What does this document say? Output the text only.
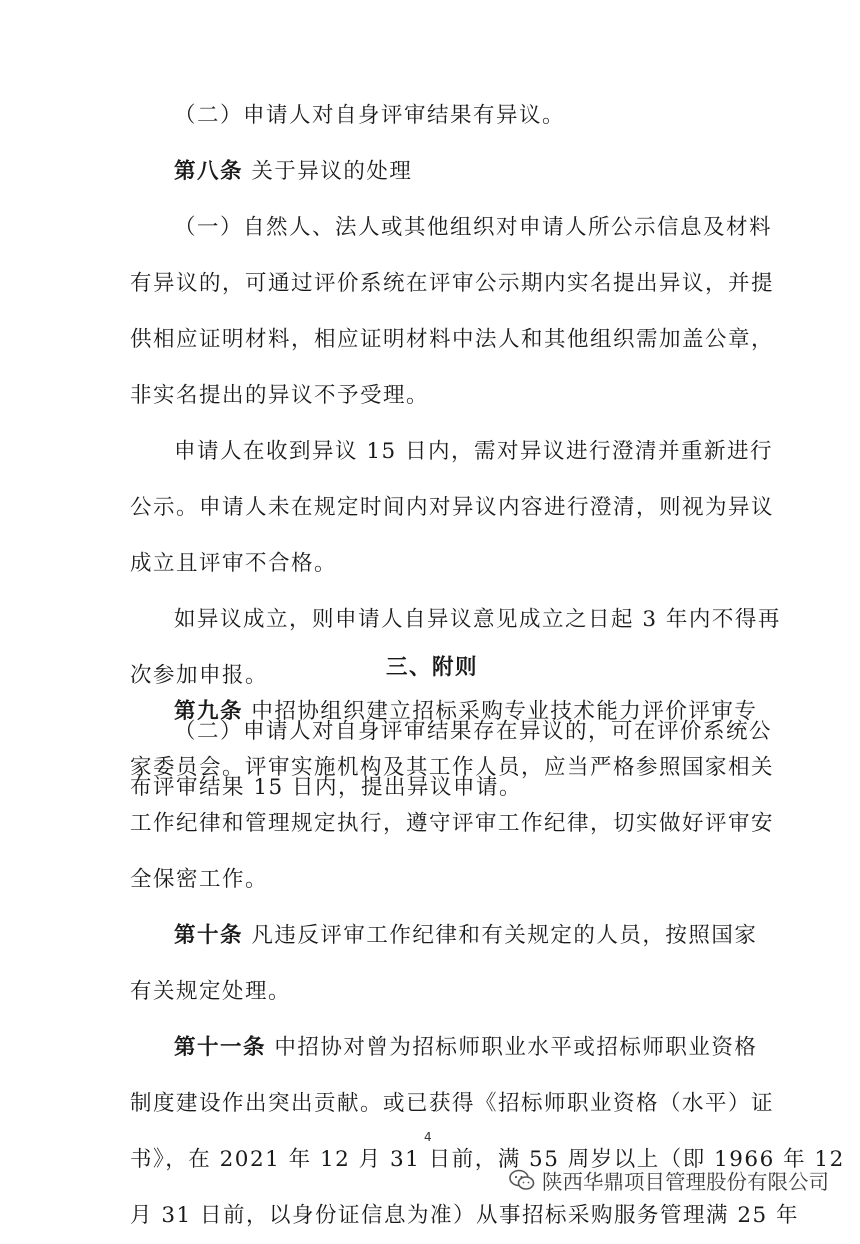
（二）申请人对自身评审结果有异议。
第八条 关于异议的处理
（一）自然人、法人或其他组织对申请人所公示信息及材料
有异议的，可通过评价系统在评审公示期内实名提出异议，并提
供相应证明材料，相应证明材料中法人和其他组织需加盖公章，
非实名提出的异议不予受理。
申请人在收到异议 15 日内，需对异议进行澄清并重新进行
公示。申请人未在规定时间内对异议内容进行澄清，则视为异议
成立且评审不合格。
如异议成立，则申请人自异议意见成立之日起 3 年内不得再
次参加申报。
（二）申请人对自身评审结果存在异议的，可在评价系统公
布评审结果 15 日内，提出异议申请。
三、附则
第九条 中招协组织建立招标采购专业技术能力评价评审专
家委员会。评审实施机构及其工作人员，应当严格参照国家相关
工作纪律和管理规定执行，遵守评审工作纪律，切实做好评审安
全保密工作。
第十条 凡违反评审工作纪律和有关规定的人员，按照国家
有关规定处理。
第十一条 中招协对曾为招标师职业水平或招标师职业资格
制度建设作出突出贡献。或已获得《招标师职业资格（水平）证
书》，在 2021 年 12 月 31 日前，满 55 周岁以上（即 1966 年 12
月 31 日前，以身份证信息为准）从事招标采购服务管理满 25 年
4
陕西华鼎项目管理股份有限公司
